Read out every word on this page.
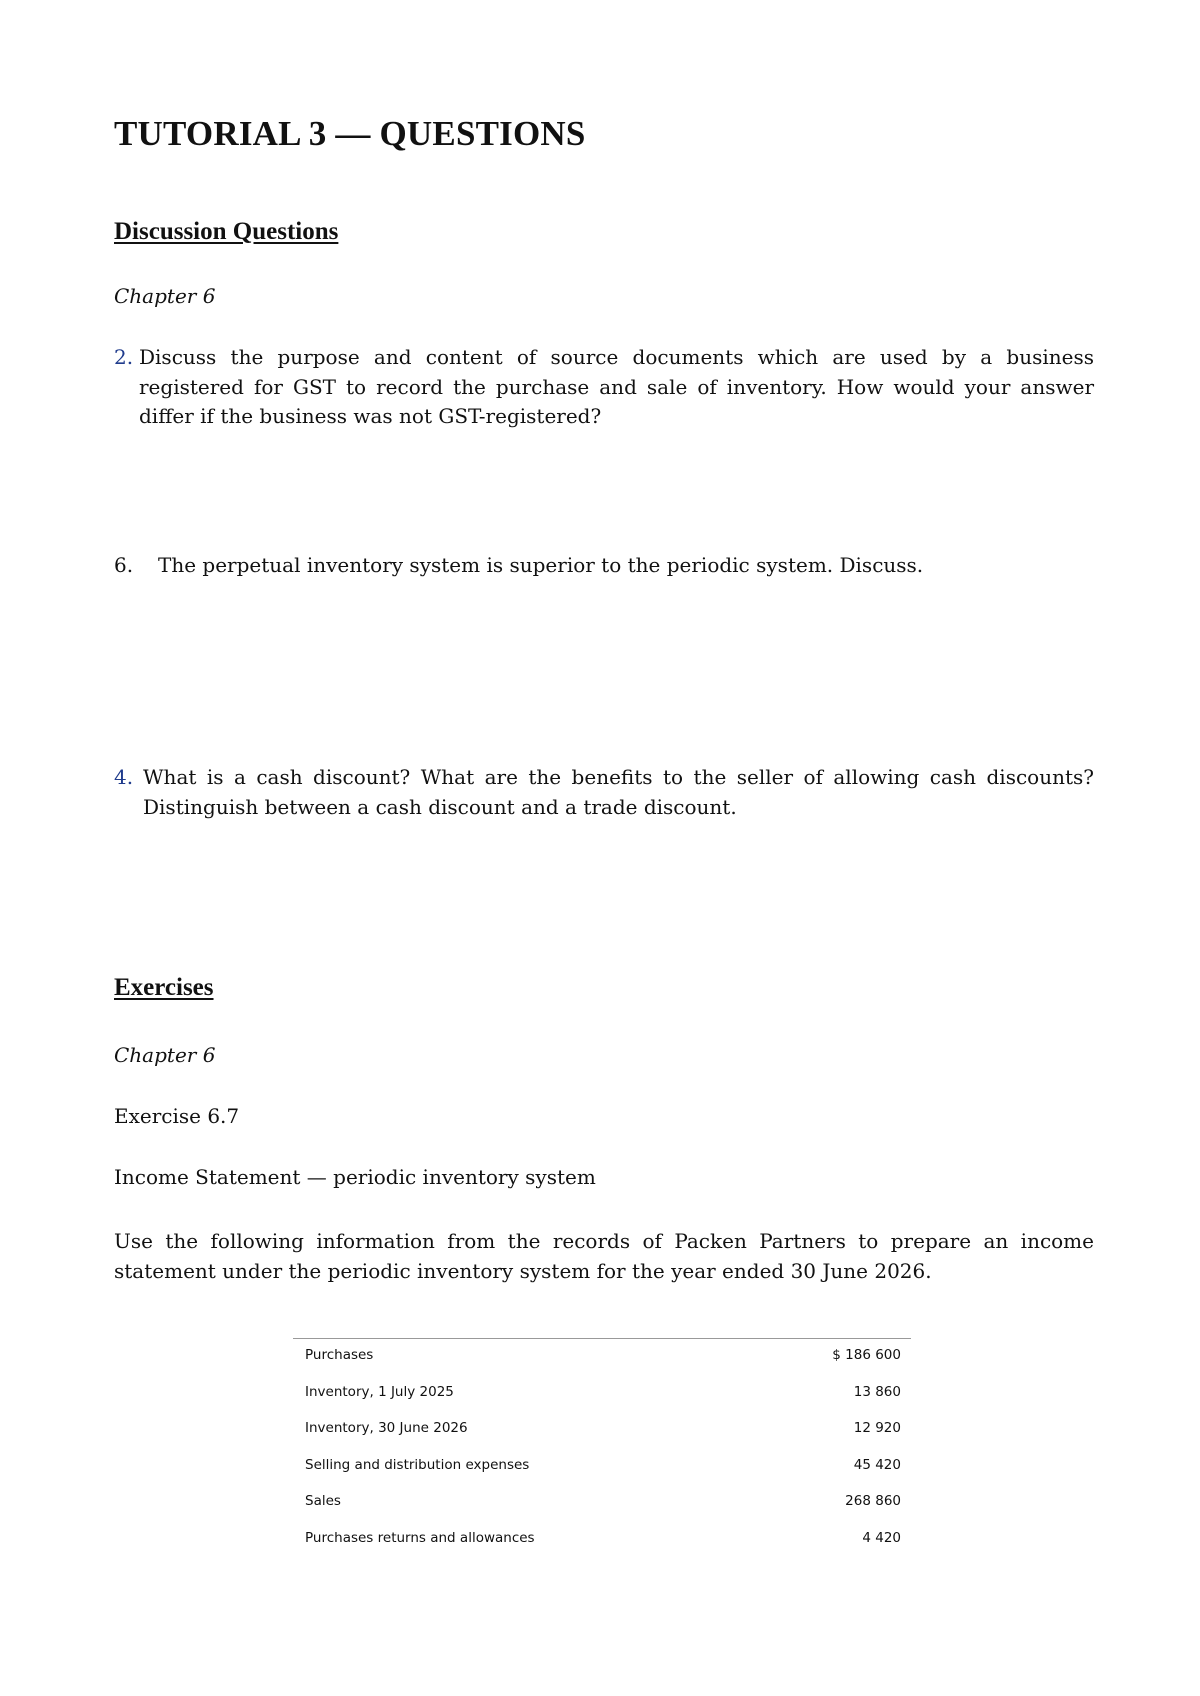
TUTORIAL 3 — QUESTIONS
Discussion Questions
Chapter 6
2. Discuss the purpose and content of source documents which are used by a business registered for GST to record the purchase and sale of inventory. How would your answer differ if the business was not GST-registered?
6. The perpetual inventory system is superior to the periodic system. Discuss.
4. What is a cash discount? What are the benefits to the seller of allowing cash discounts? Distinguish between a cash discount and a trade discount.
Exercises
Chapter 6
Exercise 6.7
Income Statement — periodic inventory system
Use the following information from the records of Packen Partners to prepare an income statement under the periodic inventory system for the year ended 30 June 2026.
Purchases	$ 186 600
Inventory, 1 July 2025	13 860
Inventory, 30 June 2026	12 920
Selling and distribution expenses	45 420
Sales	268 860
Purchases returns and allowances	4 420
